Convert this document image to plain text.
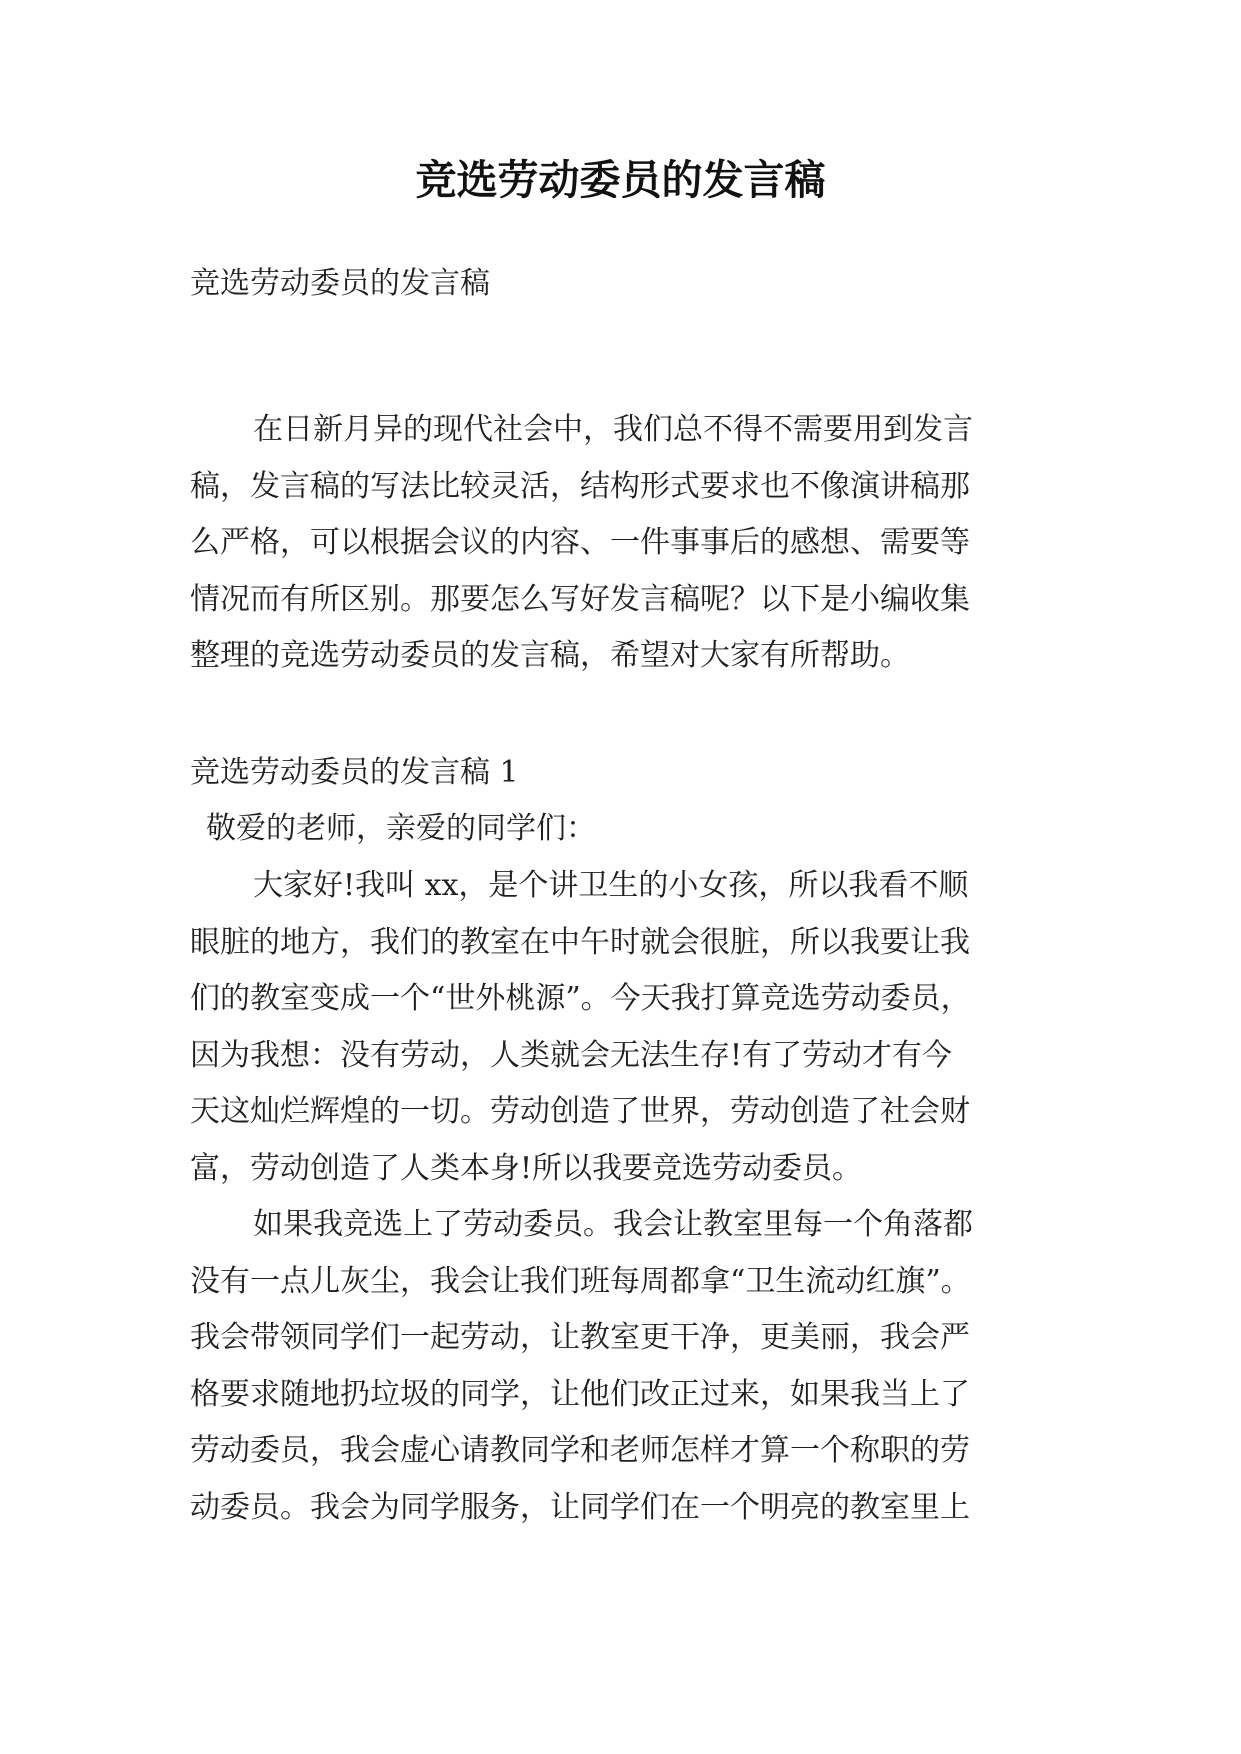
竞选劳动委员的发言稿
竞选劳动委员的发言稿
在日新月异的现代社会中，我们总不得不需要用到发言
稿，发言稿的写法比较灵活，结构形式要求也不像演讲稿那
么严格，可以根据会议的内容、一件事事后的感想、需要等
情况而有所区别。那要怎么写好发言稿呢？以下是小编收集
整理的竞选劳动委员的发言稿，希望对大家有所帮助。
竞选劳动委员的发言稿 1
敬爱的老师，亲爱的同学们：
大家好!我叫 xx，是个讲卫生的小女孩，所以我看不顺
眼脏的地方，我们的教室在中午时就会很脏，所以我要让我
们的教室变成一个“世外桃源”。今天我打算竞选劳动委员，
因为我想：没有劳动，人类就会无法生存!有了劳动才有今
天这灿烂辉煌的一切。劳动创造了世界，劳动创造了社会财
富，劳动创造了人类本身!所以我要竞选劳动委员。
如果我竞选上了劳动委员。我会让教室里每一个角落都
没有一点儿灰尘，我会让我们班每周都拿“卫生流动红旗”。
我会带领同学们一起劳动，让教室更干净，更美丽，我会严
格要求随地扔垃圾的同学，让他们改正过来，如果我当上了
劳动委员，我会虚心请教同学和老师怎样才算一个称职的劳
动委员。我会为同学服务，让同学们在一个明亮的教室里上
